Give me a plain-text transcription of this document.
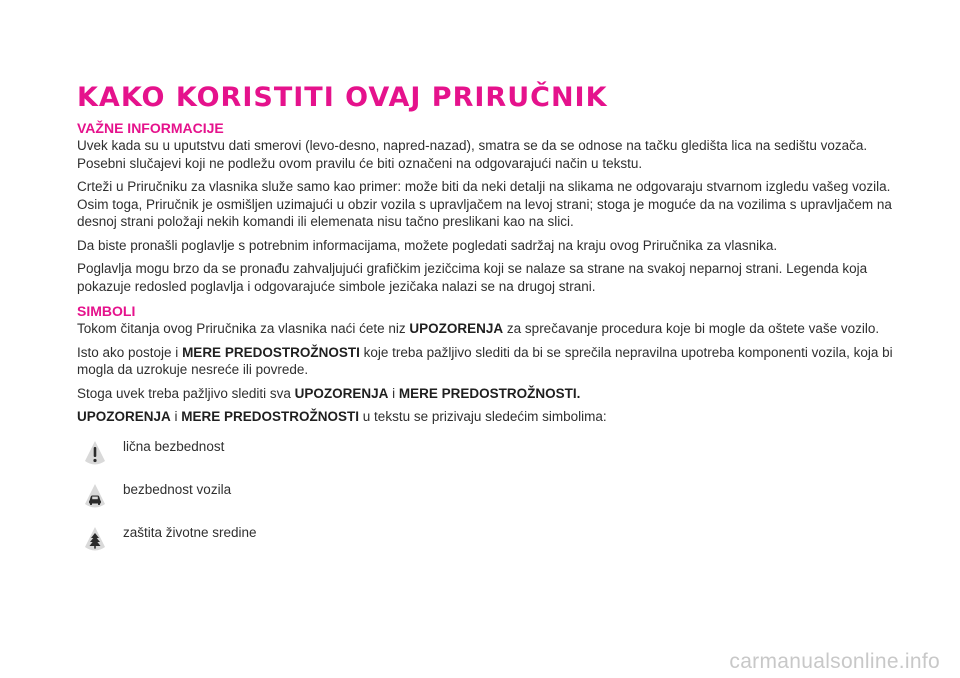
KAKO KORISTITI OVAJ PRIRUČNIK
VAŽNE INFORMACIJE

Uvek kada su u uputstvu dati smerovi (levo-desno, napred-nazad), smatra se da se odnose na tačku gledišta lica na sedištu vozača. Posebni slučajevi koji ne podležu ovom pravilu će biti označeni na odgovarajući način u tekstu.

Crteži u Priručniku za vlasnika služe samo kao primer: može biti da neki detalji na slikama ne odgovaraju stvarnom izgledu vašeg vozila. Osim toga, Priručnik je osmišljen uzimajući u obzir vozila s upravljačem na levoj strani; stoga je moguće da na vozilima s upravljačem na desnoj strani položaji nekih komandi ili elemenata nisu tačno preslikani kao na slici.

Da biste pronašli poglavlje s potrebnim informacijama, možete pogledati sadržaj na kraju ovog Priručnika za vlasnika.

Poglavlja mogu brzo da se pronađu zahvaljujući grafičkim jezičcima koji se nalaze sa strane na svakoj neparnoj strani. Legenda koja pokazuje redosled poglavlja i odgovarajuće simbole jezičaka nalazi se na drugoj strani.

SIMBOLI

Tokom čitanja ovog Priručnika za vlasnika naći ćete niz UPOZORENJA za sprečavanje procedura koje bi mogle da oštete vaše vozilo.

Isto ako postoje i MERE PREDOSTROŽNOSTI koje treba pažljivo slediti da bi se sprečila nepravilna upotreba komponenti vozila, koja bi mogla da uzrokuje nesreće ili povrede.

Stoga uvek treba pažljivo slediti sva UPOZORENJA i MERE PREDOSTROŽNOSTI.

UPOZORENJA i MERE PREDOSTROŽNOSTI u tekstu se prizivaju sledećim simbolima:

lična bezbednost
bezbednost vozila
zaštita životne sredine
carmanualsonline.info
